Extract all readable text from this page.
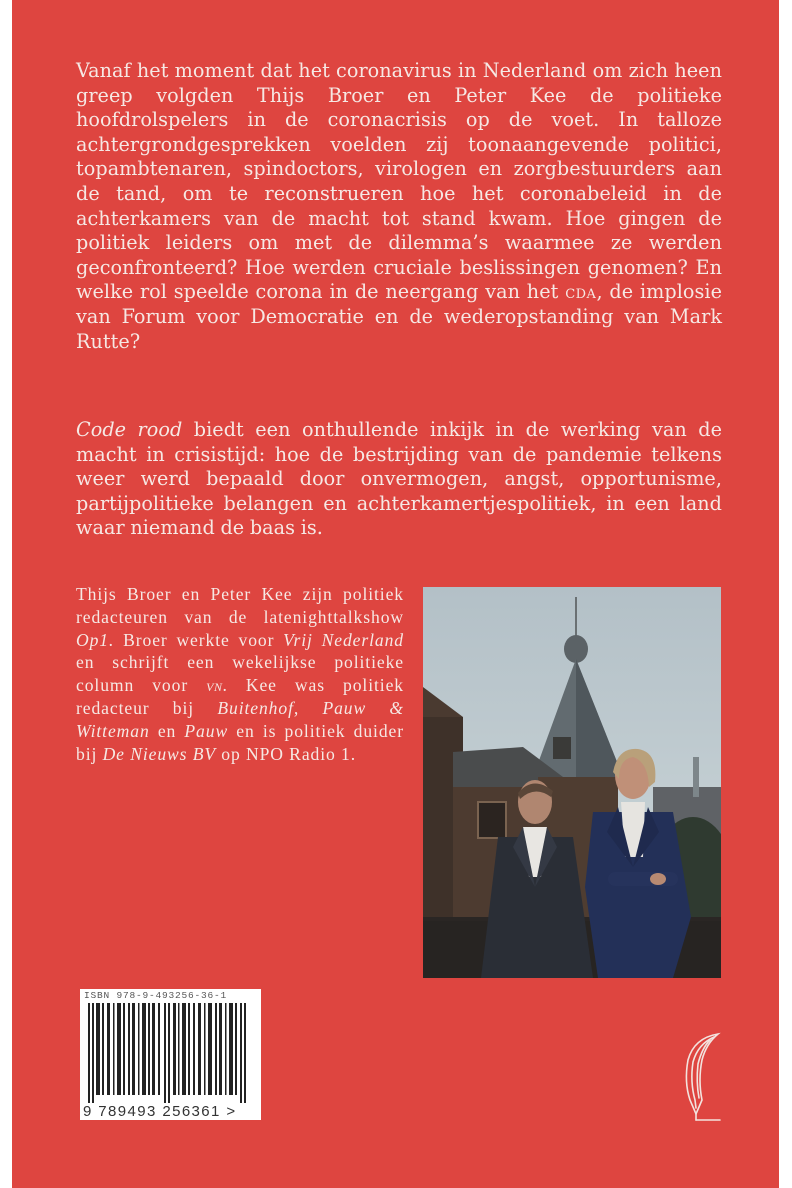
Vanaf het moment dat het coronavirus in Nederland om zich heen greep volgden Thijs Broer en Peter Kee de politieke hoofdrolspelers in de coronacrisis op de voet. In talloze achtergrondgesprekken voelden zij toonaangevende politici, topambtenaren, spindoctors, virologen en zorgbestuurders aan de tand, om te reconstrueren hoe het coronabeleid in de achterkamers van de macht tot stand kwam. Hoe gingen de politiek leiders om met de dilemma’s waarmee ze werden geconfronteerd? Hoe werden cruciale beslissingen genomen? En welke rol speelde corona in de neergang van het cda, de implosie van Forum voor Democratie en de wederopstanding van Mark Rutte?

Code rood biedt een onthullende inkijk in de werking van de macht in crisistijd: hoe de bestrijding van de pandemie telkens weer werd bepaald door onvermogen, angst, opportunisme, partijpolitieke belangen en achterkamertjespolitiek, in een land waar niemand de baas is.

Thijs Broer en Peter Kee zijn politiek redacteuren van de latenighttalkshow Op1. Broer werkte voor Vrij Nederland en schrijft een wekelijkse politieke column voor vn. Kee was politiek redacteur bij Buitenhof, Pauw & Witteman en Pauw en is politiek duider bij De Nieuws BV op NPO Radio 1.

ISBN 978-9-493256-36-1
9 789493 256361 >
